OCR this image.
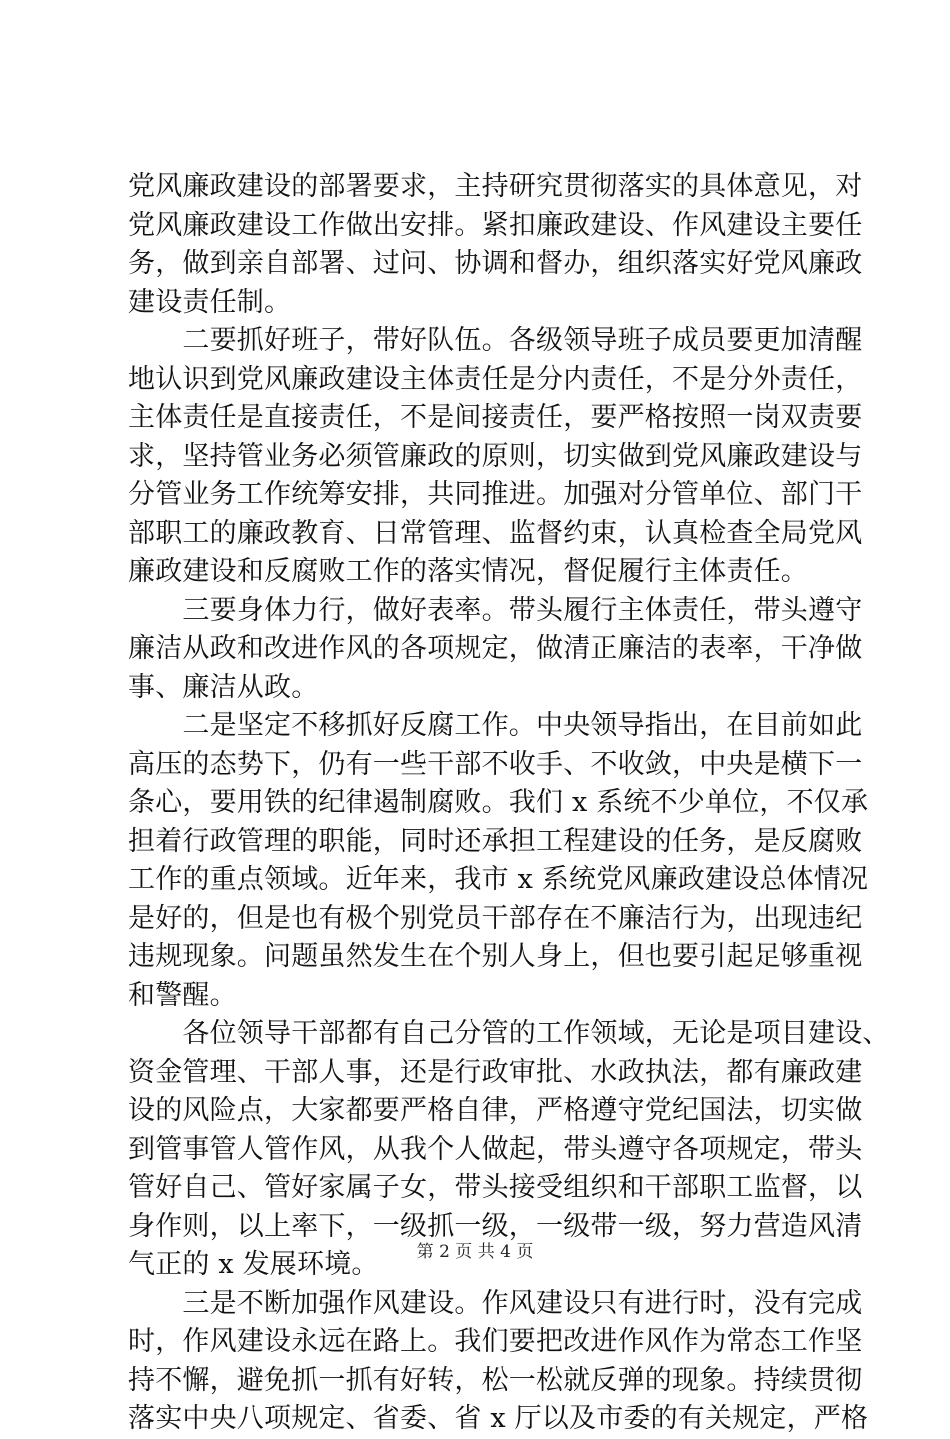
党风廉政建设的部署要求，主持研究贯彻落实的具体意见，对
党风廉政建设工作做出安排。紧扣廉政建设、作风建设主要任
务，做到亲自部署、过问、协调和督办，组织落实好党风廉政
建设责任制。
　　二要抓好班子，带好队伍。各级领导班子成员要更加清醒
地认识到党风廉政建设主体责任是分内责任，不是分外责任，
主体责任是直接责任，不是间接责任，要严格按照一岗双责要
求，坚持管业务必须管廉政的原则，切实做到党风廉政建设与
分管业务工作统筹安排，共同推进。加强对分管单位、部门干
部职工的廉政教育、日常管理、监督约束，认真检查全局党风
廉政建设和反腐败工作的落实情况，督促履行主体责任。
　　三要身体力行，做好表率。带头履行主体责任，带头遵守
廉洁从政和改进作风的各项规定，做清正廉洁的表率，干净做
事、廉洁从政。
　　二是坚定不移抓好反腐工作。中央领导指出，在目前如此
高压的态势下，仍有一些干部不收手、不收敛，中央是横下一
条心，要用铁的纪律遏制腐败。我们 x 系统不少单位，不仅承
担着行政管理的职能，同时还承担工程建设的任务，是反腐败
工作的重点领域。近年来，我市 x 系统党风廉政建设总体情况
是好的，但是也有极个别党员干部存在不廉洁行为，出现违纪
违规现象。问题虽然发生在个别人身上，但也要引起足够重视
和警醒。
　　各位领导干部都有自己分管的工作领域，无论是项目建设、
资金管理、干部人事，还是行政审批、水政执法，都有廉政建
设的风险点，大家都要严格自律，严格遵守党纪国法，切实做
到管事管人管作风，从我个人做起，带头遵守各项规定，带头
管好自己、管好家属子女，带头接受组织和干部职工监督，以
身作则，以上率下，一级抓一级，一级带一级，努力营造风清
气正的 x 发展环境。
　　三是不断加强作风建设。作风建设只有进行时，没有完成
时，作风建设永远在路上。我们要把改进作风作为常态工作坚
持不懈，避免抓一抓有好转，松一松就反弹的现象。持续贯彻
落实中央八项规定、省委、省 x 厅以及市委的有关规定，严格
第 2 页 共 4 页
